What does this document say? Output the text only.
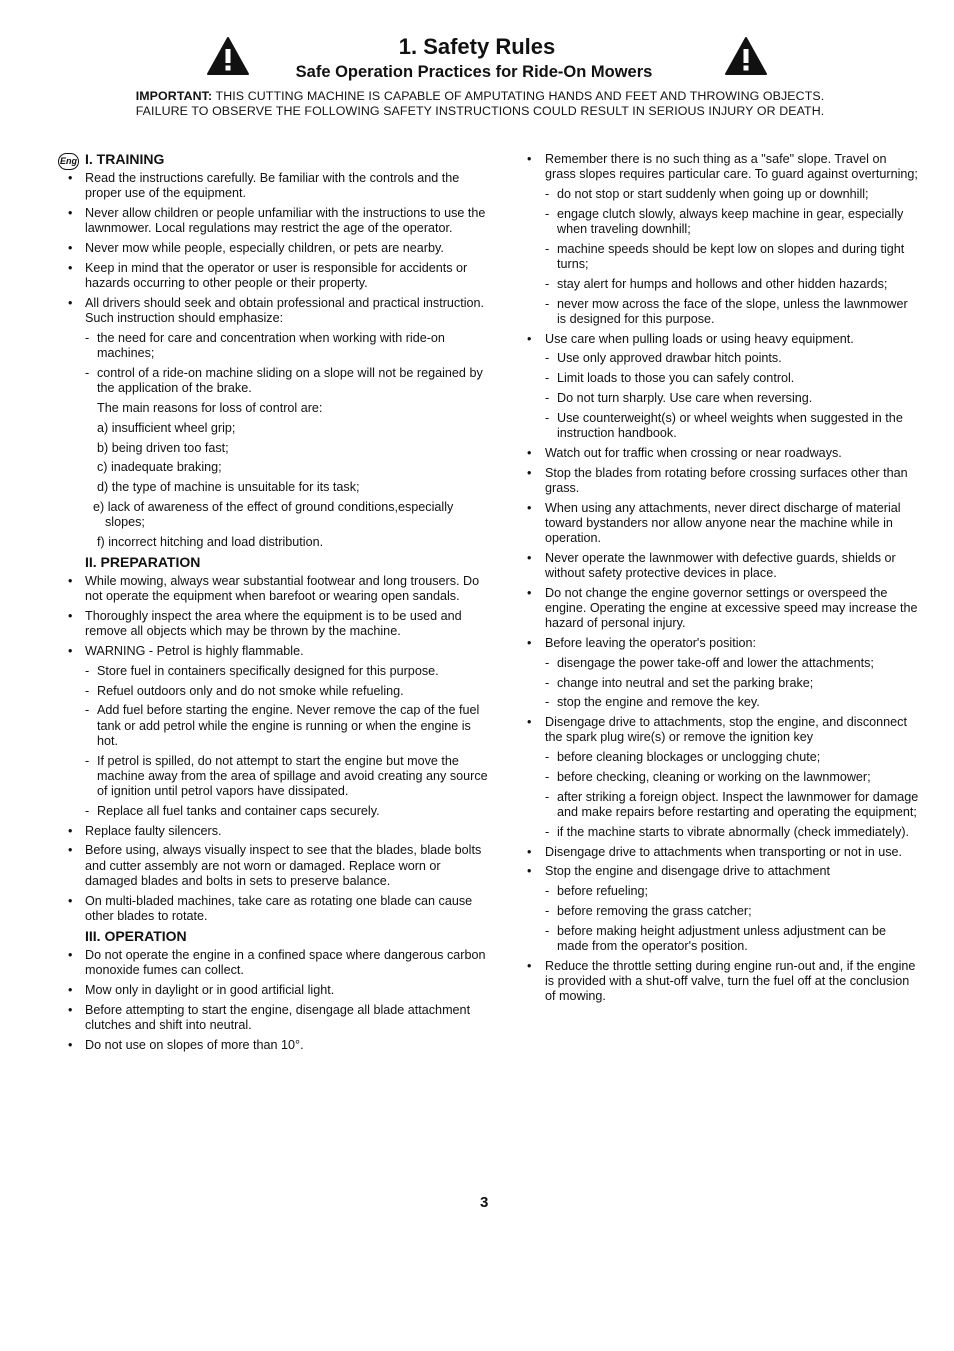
1. Safety Rules
Safe Operation Practices for Ride-On Mowers
IMPORTANT: THIS CUTTING MACHINE IS CAPABLE OF AMPUTATING HANDS AND FEET AND THROWING OBJECTS.
FAILURE TO OBSERVE THE FOLLOWING SAFETY INSTRUCTIONS COULD RESULT IN SERIOUS INJURY OR DEATH.
Eng I. TRAINING
• Read the instructions carefully. Be familiar with the controls and the proper use of the equipment.
• Never allow children or people unfamiliar with the instructions to use the lawnmower. Local regulations may restrict the age of the operator.
• Never mow while people, especially children, or pets are nearby.
• Keep in mind that the operator or user is responsible for accidents or hazards occurring to other people or their property.
• All drivers should seek and obtain professional and practical instruction. Such instruction should emphasize:
- the need for care and concentration when working with ride-on machines;
- control of a ride-on machine sliding on a slope will not be regained by the application of the brake.
The main reasons for loss of control are:
a) insufficient wheel grip;
b) being driven too fast;
c) inadequate braking;
d) the type of machine is unsuitable for its task;
e) lack of awareness of the effect of ground conditions,especially slopes;
f) incorrect hitching and load distribution.
II. PREPARATION
• While mowing, always wear substantial footwear and long trousers. Do not operate the equipment when barefoot or wearing open sandals.
• Thoroughly inspect the area where the equipment is to be used and remove all objects which may be thrown by the machine.
• WARNING - Petrol is highly flammable.
- Store fuel in containers specifically designed for this purpose.
- Refuel outdoors only and do not smoke while refueling.
- Add fuel before starting the engine. Never remove the cap of the fuel tank or add petrol while the engine is running or when the engine is hot.
- If petrol is spilled, do not attempt to start the engine but move the machine away from the area of spillage and avoid creating any source of ignition until petrol vapors have dissipated.
- Replace all fuel tanks and container caps securely.
• Replace faulty silencers.
• Before using, always visually inspect to see that the blades, blade bolts and cutter assembly are not worn or damaged. Replace worn or damaged blades and bolts in sets to preserve balance.
• On multi-bladed machines, take care as rotating one blade can cause other blades to rotate.
III. OPERATION
• Do not operate the engine in a confined space where dangerous carbon monoxide fumes can collect.
• Mow only in daylight or in good artificial light.
• Before attempting to start the engine, disengage all blade attachment clutches and shift into neutral.
• Do not use on slopes of more than 10°.
• Remember there is no such thing as a "safe" slope. Travel on grass slopes requires particular care. To guard against overturning;
- do not stop or start suddenly when going up or downhill;
- engage clutch slowly, always keep machine in gear, especially when traveling downhill;
- machine speeds should be kept low on slopes and during tight turns;
- stay alert for humps and hollows and other hidden hazards;
- never mow across the face of the slope, unless the lawnmower is designed for this purpose.
• Use care when pulling loads or using heavy equipment.
- Use only approved drawbar hitch points.
- Limit loads to those you can safely control.
- Do not turn sharply. Use care when reversing.
- Use counterweight(s) or wheel weights when suggested in the instruction handbook.
• Watch out for traffic when crossing or near roadways.
• Stop the blades from rotating before crossing surfaces other than grass.
• When using any attachments, never direct discharge of material toward bystanders nor allow anyone near the machine while in operation.
• Never operate the lawnmower with defective guards, shields or without safety protective devices in place.
• Do not change the engine governor settings or overspeed the engine. Operating the engine at excessive speed may increase the hazard of personal injury.
• Before leaving the operator's position:
- disengage the power take-off and lower the attachments;
- change into neutral and set the parking brake;
- stop the engine and remove the key.
• Disengage drive to attachments, stop the engine, and disconnect the spark plug wire(s) or remove the ignition key
- before cleaning blockages or unclogging chute;
- before checking, cleaning or working on the lawnmower;
- after striking a foreign object. Inspect the lawnmower for damage and make repairs before restarting and operating the equipment;
- if the machine starts to vibrate abnormally (check immediately).
• Disengage drive to attachments when transporting or not in use.
• Stop the engine and disengage drive to attachment
- before refueling;
- before removing the grass catcher;
- before making height adjustment unless adjustment can be made from the operator's position.
• Reduce the throttle setting during engine run-out and, if the engine is provided with a shut-off valve, turn the fuel off at the conclusion of mowing.
3
